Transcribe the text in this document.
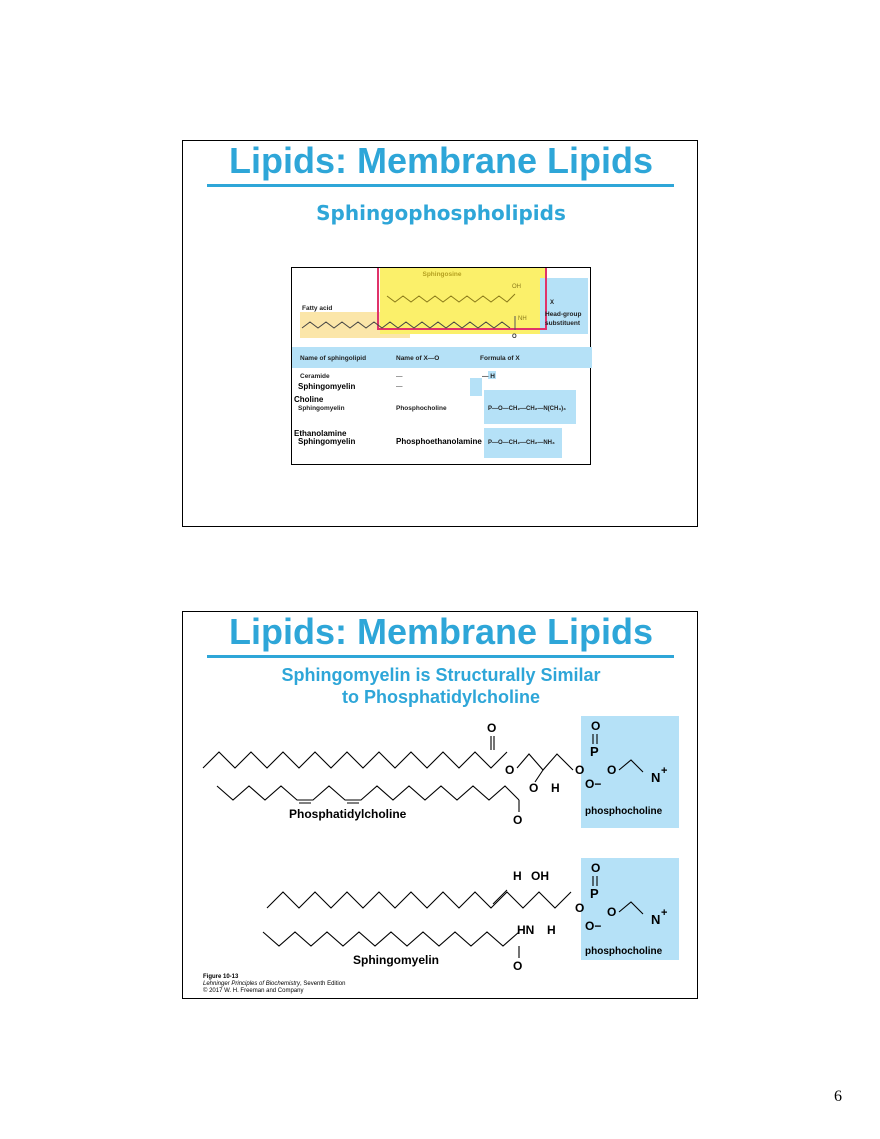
Lipids: Membrane Lipids
Sphingophospholipids
Sphingosine
OH
NH
O
X
Fatty acid
Head-group
substituent
Name of sphingolipid	Name of X—O	Formula of X
Ceramide	—	— H
Sphingomyelin	—
Choline
Sphingomyelin	Phosphocholine	P—O—CH₂—CH₂—N(CH₃)₃
Ethanolamine
Sphingomyelin	Phosphoethanolamine P—O—CH₂—CH₂—NH₃
Lipids: Membrane Lipids
Sphingomyelin is Structurally Similar
to Phosphatidylcholine
O
O
O H
O
O
P
O
O−	N +
phosphocholine
O
Phosphatidylcholine
H OH
O
HN H
O
P
O
O−	N +
phosphocholine
O
Sphingomyelin
Figure 10-13
Lehninger Principles of Biochemistry, Seventh Edition
© 2017 W. H. Freeman and Company
6
